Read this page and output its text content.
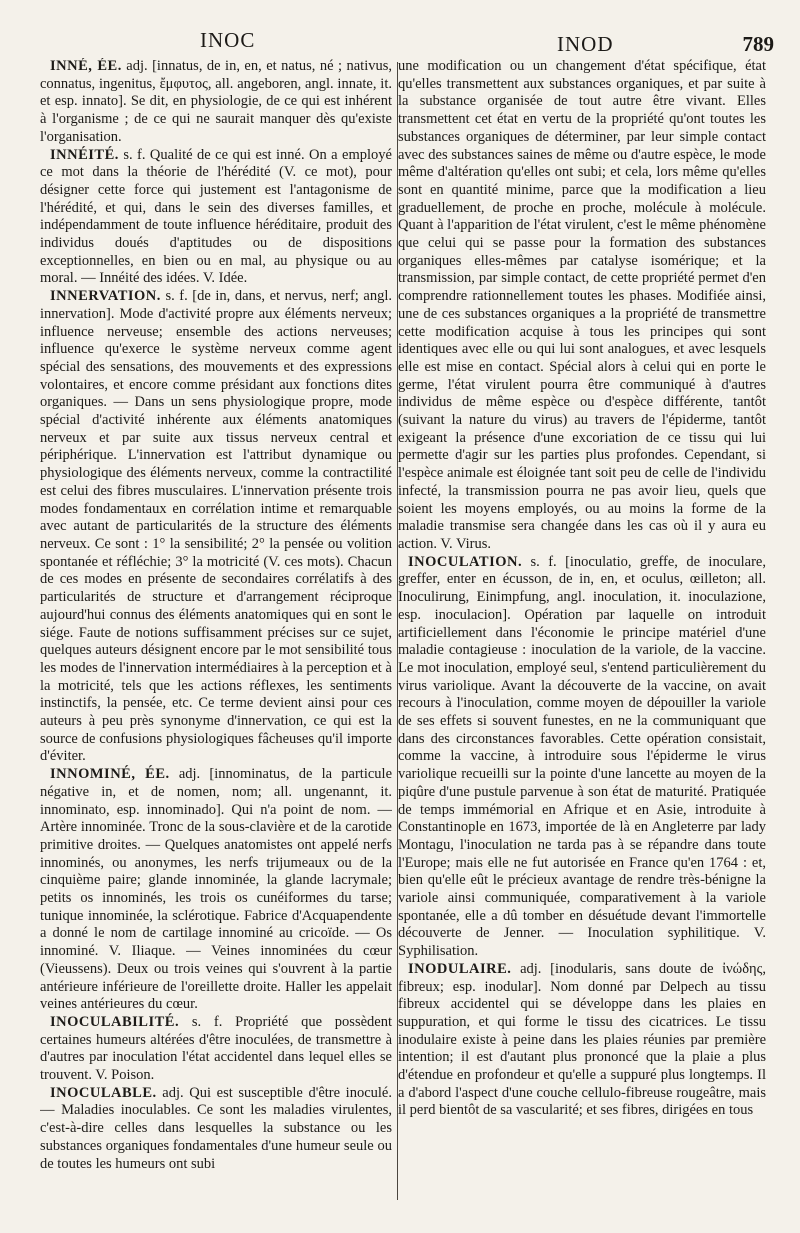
INOC	INOD	789

INNÉ, ÉE. adj. [innatus, de in, en, et natus, né ; nativus, connatus, ingenitus, ἔμφυτος, all. angeboren, angl. innate, it. et esp. innato]. Se dit, en physiologie, de ce qui est inhérent à l'organisme ; de ce qui ne saurait manquer dès qu'existe l'organisation.

INNÉITÉ. s. f. Qualité de ce qui est inné. On a employé ce mot dans la théorie de l'hérédité (V. ce mot), pour désigner cette force qui justement est l'antagonisme de l'hérédité, et qui, dans le sein des diverses familles, et indépendamment de toute influence héréditaire, produit des individus doués d'aptitudes ou de dispositions exceptionnelles, en bien ou en mal, au physique ou au moral. — Innéité des idées. V. Idée.

INNERVATION. s. f. [de in, dans, et nervus, nerf; angl. innervation]. Mode d'activité propre aux éléments nerveux; influence nerveuse; ensemble des actions nerveuses; influence qu'exerce le système nerveux comme agent spécial des sensations, des mouvements et des expressions volontaires, et encore comme présidant aux fonctions dites organiques. — Dans un sens physiologique propre, mode spécial d'activité inhérente aux éléments anatomiques nerveux et par suite aux tissus nerveux central et périphérique. L'innervation est l'attribut dynamique ou physiologique des éléments nerveux, comme la contractilité est celui des fibres musculaires. L'innervation présente trois modes fondamentaux en corrélation intime et remarquable avec autant de particularités de la structure des éléments nerveux. Ce sont : 1° la sensibilité; 2° la pensée ou volition spontanée et réfléchie; 3° la motricité (V. ces mots). Chacun de ces modes en présente de secondaires corrélatifs à des particularités de structure et d'arrangement réciproque aujourd'hui connus des éléments anatomiques qui en sont le siége. Faute de notions suffisamment précises sur ce sujet, quelques auteurs désignent encore par le mot sensibilité tous les modes de l'innervation intermédiaires à la perception et à la motricité, tels que les actions réflexes, les sentiments instinctifs, la pensée, etc. Ce terme devient ainsi pour ces auteurs à peu près synonyme d'innervation, ce qui est la source de confusions physiologiques fâcheuses qu'il importe d'éviter.

INNOMINÉ, ÉE. adj. [innominatus, de la particule négative in, et de nomen, nom; all. ungenannt, it. innominato, esp. innominado]. Qui n'a point de nom. — Artère innominée. Tronc de la sous-clavière et de la carotide primitive droites. — Quelques anatomistes ont appelé nerfs innominés, ou anonymes, les nerfs trijumeaux ou de la cinquième paire; glande innominée, la glande lacrymale; petits os innominés, les trois os cunéiformes du tarse; tunique innominée, la sclérotique. Fabrice d'Acquapendente a donné le nom de cartilage innominé au cricoïde. — Os innominé. V. Iliaque. — Veines innominées du cœur (Vieussens). Deux ou trois veines qui s'ouvrent à la partie antérieure inférieure de l'oreillette droite. Haller les appelait veines antérieures du cœur.

INOCULABILITÉ. s. f. Propriété que possèdent certaines humeurs altérées d'être inoculées, de transmettre à d'autres par inoculation l'état accidentel dans lequel elles se trouvent. V. Poison.

INOCULABLE. adj. Qui est susceptible d'être inoculé. — Maladies inoculables. Ce sont les maladies virulentes, c'est-à-dire celles dans lesquelles la substance ou les substances organiques fondamentales d'une humeur seule ou de toutes les humeurs ont subi

une modification ou un changement d'état spécifique, état qu'elles transmettent aux substances organiques, et par suite à la substance organisée de tout autre être vivant. Elles transmettent cet état en vertu de la propriété qu'ont toutes les substances organiques de déterminer, par leur simple contact avec des substances saines de même ou d'autre espèce, le mode même d'altération qu'elles ont subi; et cela, lors même qu'elles sont en quantité minime, parce que la modification a lieu graduellement, de proche en proche, molécule à molécule. Quant à l'apparition de l'état virulent, c'est le même phénomène que celui qui se passe pour la formation des substances organiques elles-mêmes par catalyse isomérique; et la transmission, par simple contact, de cette propriété permet d'en comprendre rationnellement toutes les phases. Modifiée ainsi, une de ces substances organiques a la propriété de transmettre cette modification acquise à tous les principes qui sont identiques avec elle ou qui lui sont analogues, et avec lesquels elle est mise en contact. Spécial alors à celui qui en porte le germe, l'état virulent pourra être communiqué à d'autres individus de même espèce ou d'espèce différente, tantôt (suivant la nature du virus) au travers de l'épiderme, tantôt exigeant la présence d'une excoriation de ce tissu qui lui permette d'agir sur les parties plus profondes. Cependant, si l'espèce animale est éloignée tant soit peu de celle de l'individu infecté, la transmission pourra ne pas avoir lieu, quels que soient les moyens employés, ou au moins la forme de la maladie transmise sera changée dans les cas où il y aura eu action. V. Virus.

INOCULATION. s. f. [inoculatio, greffe, de inoculare, greffer, enter en écusson, de in, en, et oculus, œilleton; all. Inoculirung, Einimpfung, angl. inoculation, it. inoculazione, esp. inoculacion]. Opération par laquelle on introduit artificiellement dans l'économie le principe matériel d'une maladie contagieuse : inoculation de la variole, de la vaccine. Le mot inoculation, employé seul, s'entend particulièrement du virus variolique. Avant la découverte de la vaccine, on avait recours à l'inoculation, comme moyen de dépouiller la variole de ses effets si souvent funestes, en ne la communiquant que dans des circonstances favorables. Cette opération consistait, comme la vaccine, à introduire sous l'épiderme le virus variolique recueilli sur la pointe d'une lancette au moyen de la piqûre d'une pustule parvenue à son état de maturité. Pratiquée de temps immémorial en Afrique et en Asie, introduite à Constantinople en 1673, importée de là en Angleterre par lady Montagu, l'inoculation ne tarda pas à se répandre dans toute l'Europe; mais elle ne fut autorisée en France qu'en 1764 : et, bien qu'elle eût le précieux avantage de rendre très-bénigne la variole ainsi communiquée, comparativement à la variole spontanée, elle a dû tomber en désuétude devant l'immortelle découverte de Jenner. — Inoculation syphilitique. V. Syphilisation.

INODULAIRE. adj. [inodularis, sans doute de ἰνώδης, fibreux; esp. inodular]. Nom donné par Delpech au tissu fibreux accidentel qui se développe dans les plaies en suppuration, et qui forme le tissu des cicatrices. Le tissu inodulaire existe à peine dans les plaies réunies par première intention; il est d'autant plus prononcé que la plaie a plus d'étendue en profondeur et qu'elle a suppuré plus longtemps. Il a d'abord l'aspect d'une couche cellulo-fibreuse rougeâtre, mais il perd bientôt de sa vascularité; et ses fibres, dirigées en tous
